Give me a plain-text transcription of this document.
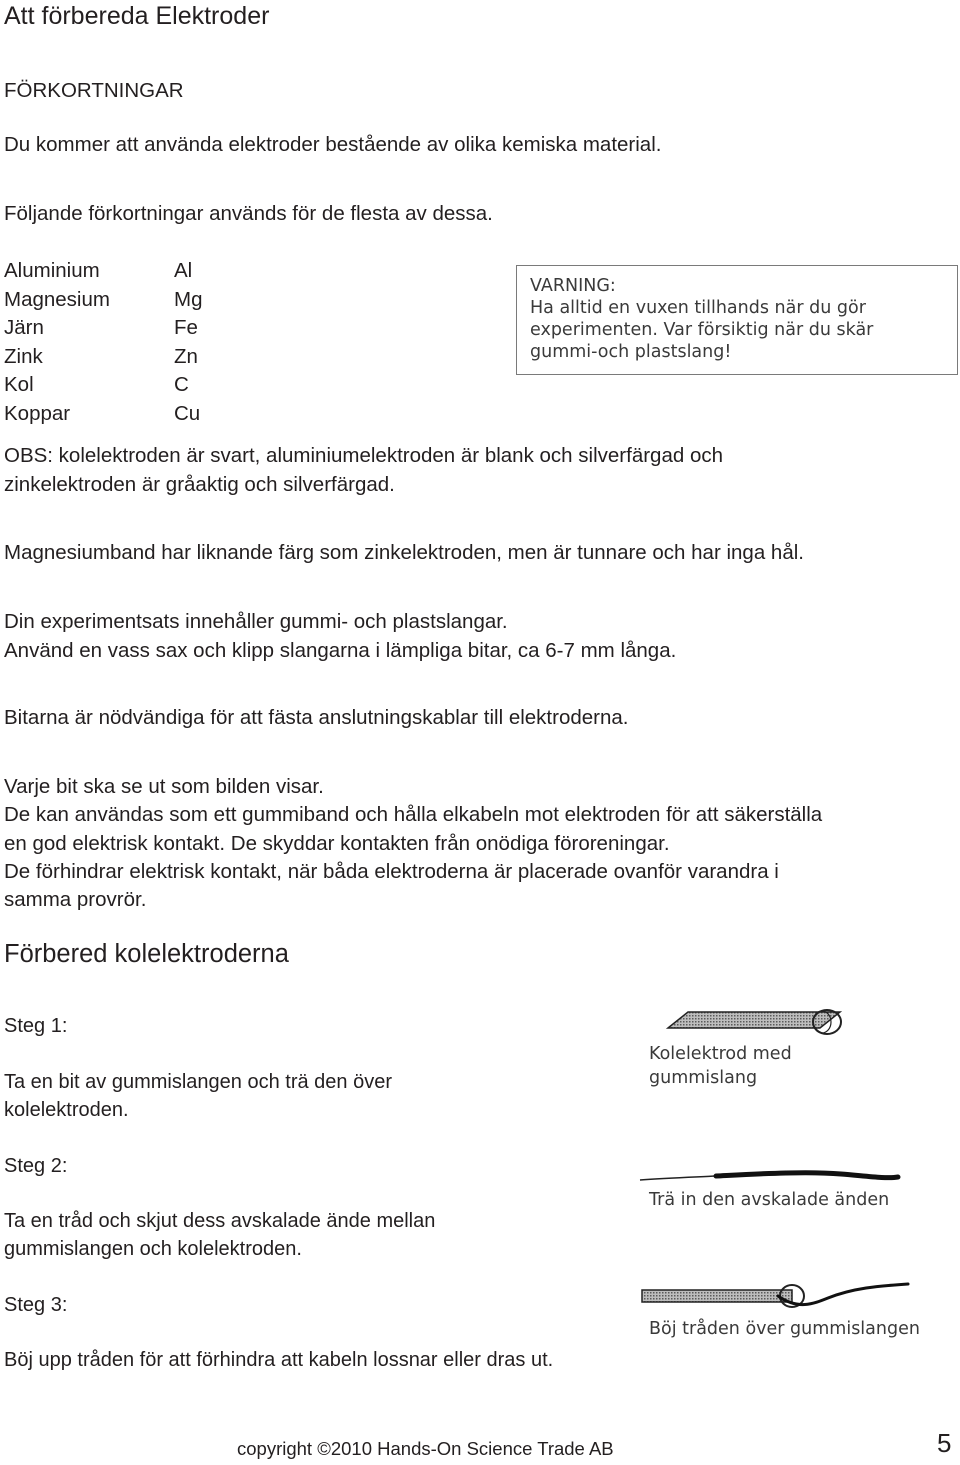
Att förbereda Elektroder
FÖRKORTNINGAR
Du kommer att använda elektroder bestående av olika kemiska material.
Följande förkortningar används för de flesta av dessa.
Aluminium	Al
Magnesium	Mg
Järn	Fe
Zink	Zn
Kol	C
Koppar	Cu
VARNING:
Ha alltid en vuxen tillhands när du gör
experimenten. Var försiktig när du skär
gummi-och plastslang!
OBS: kolelektroden är svart, aluminiumelektroden är blank och silverfärgad och
zinkelektroden är gråaktig och silverfärgad.
Magnesiumband har liknande färg som zinkelektroden, men är tunnare och har inga hål.
Din experimentsats innehåller gummi- och plastslangar.
Använd en vass sax och klipp slangarna i lämpliga bitar, ca 6-7 mm långa.
Bitarna är nödvändiga för att fästa anslutningskablar till elektroderna.
Varje bit ska se ut som bilden visar.
De kan användas som ett gummiband och hålla elkabeln mot elektroden för att säkerställa
en god elektrisk kontakt. De skyddar kontakten från onödiga föroreningar.
De förhindrar elektrisk kontakt, när båda elektroderna är placerade ovanför varandra i
samma provrör.
Förbered kolelektroderna
Steg 1:
Ta en bit av gummislangen och trä den över
kolelektroden.
Steg 2:
Ta en tråd och skjut dess avskalade ände mellan
gummislangen och kolelektroden.
Steg 3:
Böj upp tråden för att förhindra att kabeln lossnar eller dras ut.
Kolelektrod med
gummislang
Trä in den avskalade änden
Böj tråden över gummislangen
copyright ©2010 Hands-On Science Trade AB	5
